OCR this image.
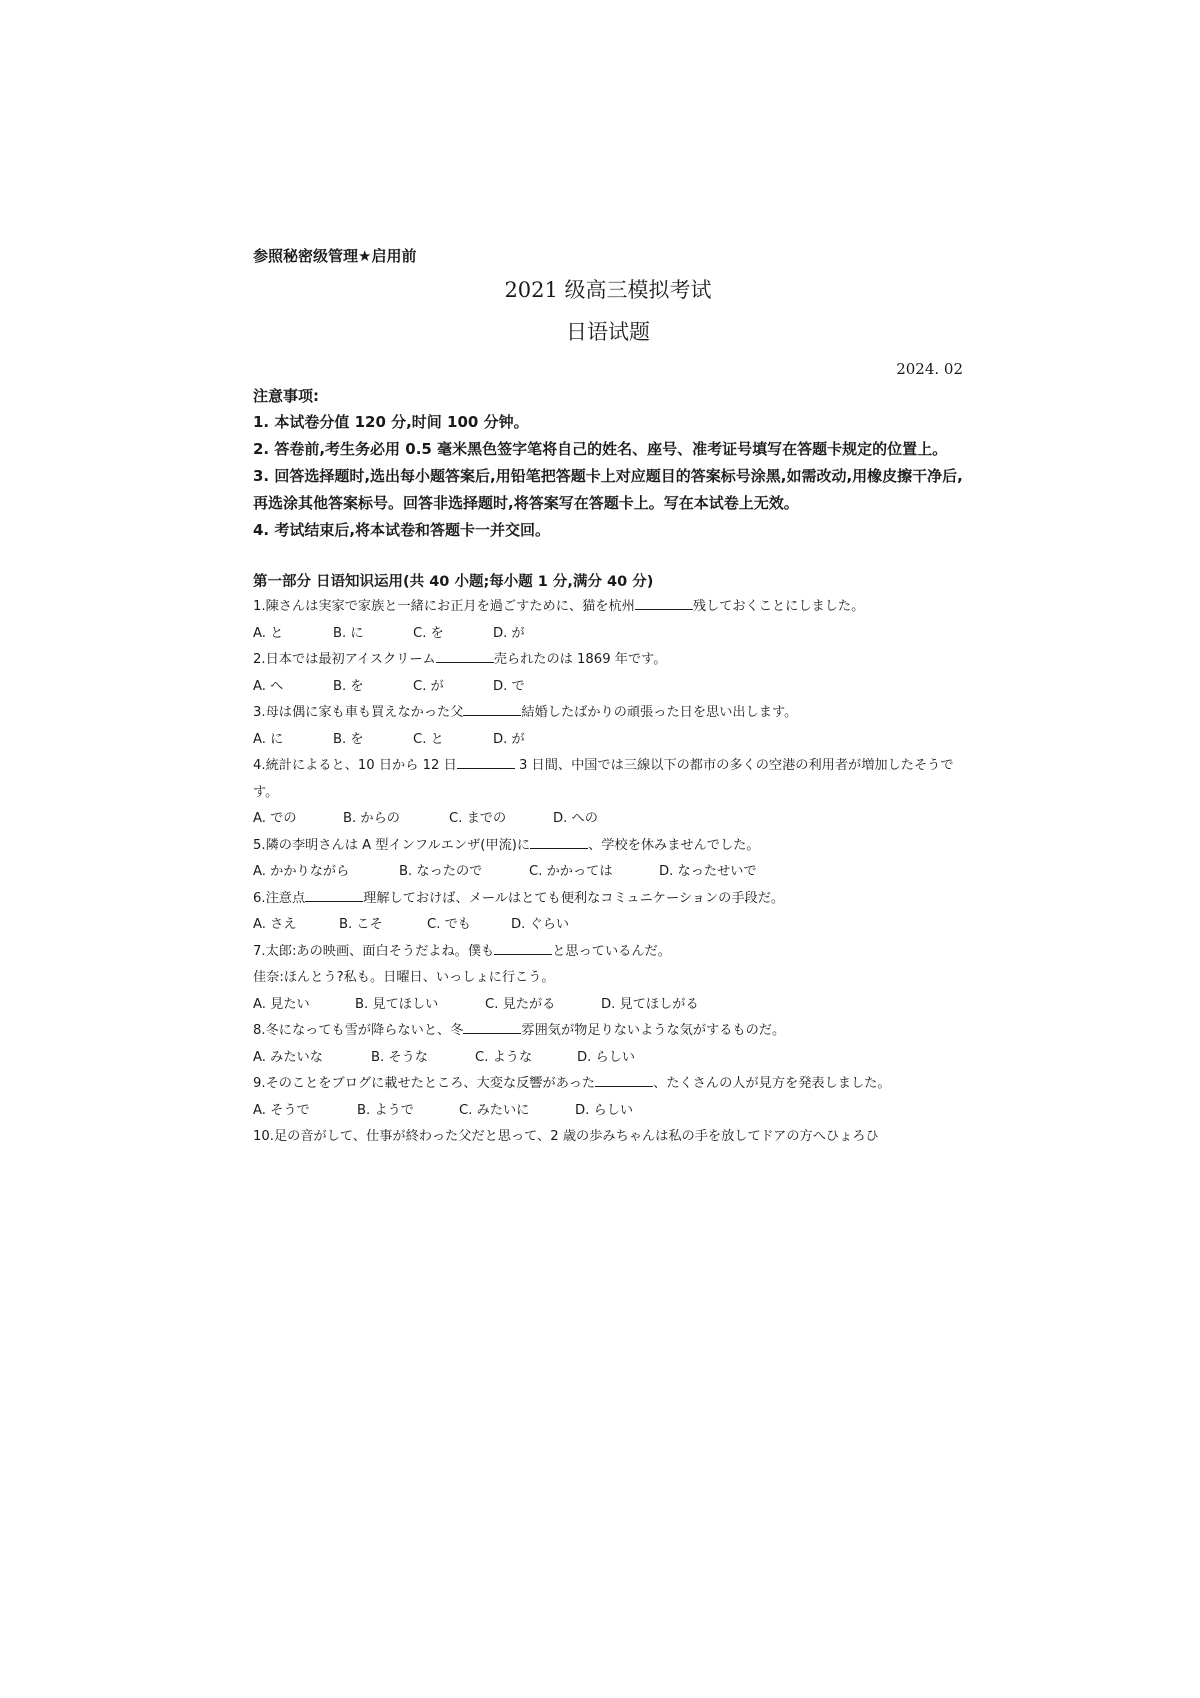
参照秘密级管理★启用前
2021 级高三模拟考试
日语试题
2024. 02
注意事项:
1. 本试卷分值 120 分,时间 100 分钟。
2. 答卷前,考生务必用 0.5 毫米黑色签字笔将自己的姓名、座号、准考证号填写在答题卡规定的位置上。
3. 回答选择题时,选出每小题答案后,用铅笔把答题卡上对应题目的答案标号涂黑,如需改动,用橡皮擦干净后,再选涂其他答案标号。回答非选择题时,将答案写在答题卡上。写在本试卷上无效。
4. 考试结束后,将本试卷和答题卡一并交回。
第一部分 日语知识运用(共 40 小题;每小题 1 分,满分 40 分)

1.陳さんは実家で家族と一緒にお正月を過ごすために、猫を杭州	残しておくことにしました。

A. と	B. に	C. を	D. が

2.日本では最初アイスクリーム	売られたのは 1869 年です。

A. へ	B. を	C. が	D. で

3.母は偶に家も車も買えなかった父	結婚したばかりの頑張った日を思い出します。

A. に	B. を	C. と	D. が

4.統計によると、10 日から 12 日	3 日間、中国では三線以下の都市の多くの空港の利用者が増加したそうです。

A. での	B. からの	C. までの	D. への

5.隣の李明さんは A 型インフルエンザ(甲流)に	、学校を休みませんでした。

A. かかりながら	B. なったので	C. かかっては	D. なったせいで

6.注意点	理解しておけば、メールはとても便利なコミュニケーションの手段だ。

A. さえ	B. こそ	C. でも	D. ぐらい

7.太郎:あの映画、面白そうだよね。僕も	と思っているんだ。

佳奈:ほんとう?私も。日曜日、いっしょに行こう。

A. 見たい	B. 見てほしい	C. 見たがる	D. 見てほしがる

8.冬になっても雪が降らないと、冬	雰囲気が物足りないような気がするものだ。

A. みたいな	B. そうな	C. ような	D. らしい

9.そのことをブログに載せたところ、大変な反響があった	、たくさんの人が見方を発表しました。

A. そうで	B. ようで	C. みたいに	D. らしい

10.足の音がして、仕事が終わった父だと思って、2 歳の歩みちゃんは私の手を放してドアの方へひょろひ
